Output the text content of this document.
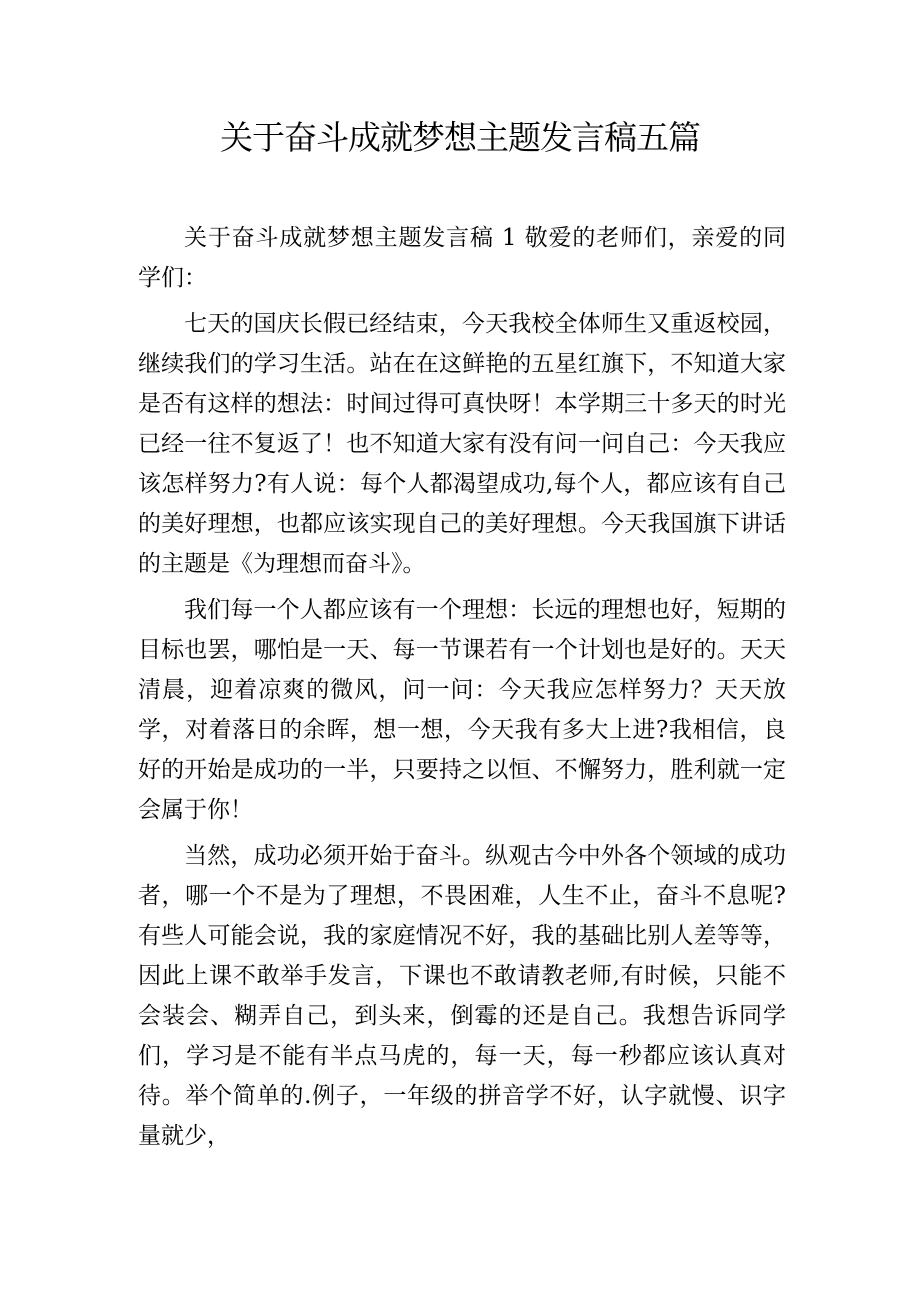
关于奋斗成就梦想主题发言稿五篇

关于奋斗成就梦想主题发言稿 1 敬爱的老师们，亲爱的同学们：

七天的国庆长假已经结束，今天我校全体师生又重返校园，继续我们的学习生活。站在在这鲜艳的五星红旗下，不知道大家是否有这样的想法：时间过得可真快呀！本学期三十多天的时光已经一往不复返了！也不知道大家有没有问一问自己：今天我应该怎样努力?有人说：每个人都渴望成功,每个人，都应该有自己的美好理想，也都应该实现自己的美好理想。今天我国旗下讲话的主题是《为理想而奋斗》。

我们每一个人都应该有一个理想：长远的理想也好，短期的目标也罢，哪怕是一天、每一节课若有一个计划也是好的。天天清晨，迎着凉爽的微风，问一问：今天我应怎样努力？天天放学，对着落日的余晖，想一想，今天我有多大上进?我相信，良好的开始是成功的一半，只要持之以恒、不懈努力，胜利就一定会属于你！

当然，成功必须开始于奋斗。纵观古今中外各个领域的成功者，哪一个不是为了理想，不畏困难，人生不止，奋斗不息呢?有些人可能会说，我的家庭情况不好，我的基础比别人差等等，因此上课不敢举手发言，下课也不敢请教老师,有时候，只能不会装会、糊弄自己，到头来，倒霉的还是自己。我想告诉同学们，学习是不能有半点马虎的，每一天，每一秒都应该认真对待。举个简单的.例子，一年级的拼音学不好，认字就慢、识字量就少，
